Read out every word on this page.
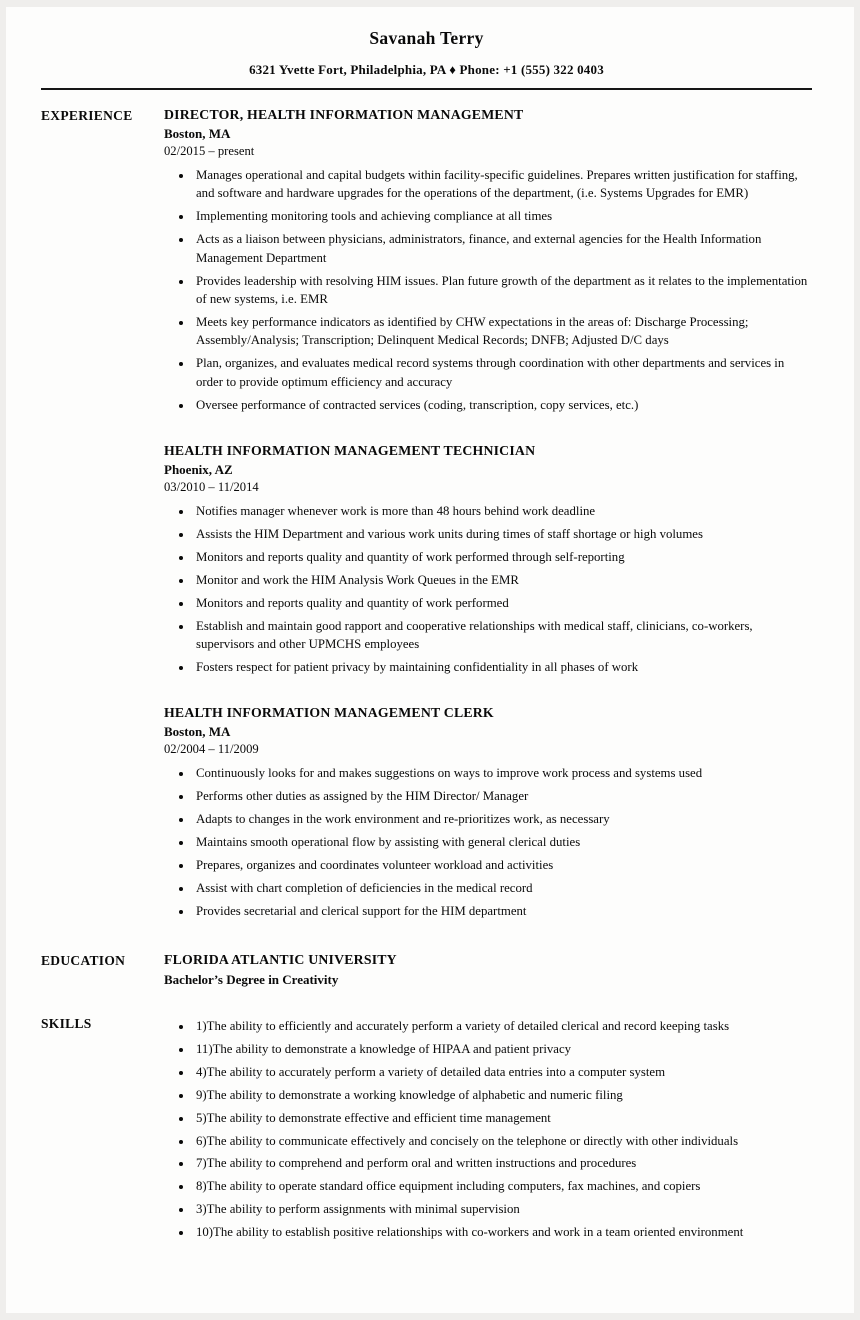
Savanah Terry
6321 Yvette Fort, Philadelphia, PA ♦ Phone: +1 (555) 322 0403
EXPERIENCE	DIRECTOR, HEALTH INFORMATION MANAGEMENT
Boston, MA
02/2015 – present
• Manages operational and capital budgets within facility-specific guidelines. Prepares written justification for staffing, and software and hardware upgrades for the operations of the department, (i.e. Systems Upgrades for EMR)
• Implementing monitoring tools and achieving compliance at all times
• Acts as a liaison between physicians, administrators, finance, and external agencies for the Health Information Management Department
• Provides leadership with resolving HIM issues. Plan future growth of the department as it relates to the implementation of new systems, i.e. EMR
• Meets key performance indicators as identified by CHW expectations in the areas of: Discharge Processing; Assembly/Analysis; Transcription; Delinquent Medical Records; DNFB; Adjusted D/C days
• Plan, organizes, and evaluates medical record systems through coordination with other departments and services in order to provide optimum efficiency and accuracy
• Oversee performance of contracted services (coding, transcription, copy services, etc.)
HEALTH INFORMATION MANAGEMENT TECHNICIAN
Phoenix, AZ
03/2010 – 11/2014
• Notifies manager whenever work is more than 48 hours behind work deadline
• Assists the HIM Department and various work units during times of staff shortage or high volumes
• Monitors and reports quality and quantity of work performed through self-reporting
• Monitor and work the HIM Analysis Work Queues in the EMR
• Monitors and reports quality and quantity of work performed
• Establish and maintain good rapport and cooperative relationships with medical staff, clinicians, co-workers, supervisors and other UPMCHS employees
• Fosters respect for patient privacy by maintaining confidentiality in all phases of work
HEALTH INFORMATION MANAGEMENT CLERK
Boston, MA
02/2004 – 11/2009
• Continuously looks for and makes suggestions on ways to improve work process and systems used
• Performs other duties as assigned by the HIM Director/ Manager
• Adapts to changes in the work environment and re-prioritizes work, as necessary
• Maintains smooth operational flow by assisting with general clerical duties
• Prepares, organizes and coordinates volunteer workload and activities
• Assist with chart completion of deficiencies in the medical record
• Provides secretarial and clerical support for the HIM department
EDUCATION	FLORIDA ATLANTIC UNIVERSITY
Bachelor’s Degree in Creativity
SKILLS	• 1)The ability to efficiently and accurately perform a variety of detailed clerical and record keeping tasks
• 11)The ability to demonstrate a knowledge of HIPAA and patient privacy
• 4)The ability to accurately perform a variety of detailed data entries into a computer system
• 9)The ability to demonstrate a working knowledge of alphabetic and numeric filing
• 5)The ability to demonstrate effective and efficient time management
• 6)The ability to communicate effectively and concisely on the telephone or directly with other individuals
• 7)The ability to comprehend and perform oral and written instructions and procedures
• 8)The ability to operate standard office equipment including computers, fax machines, and copiers
• 3)The ability to perform assignments with minimal supervision
• 10)The ability to establish positive relationships with co-workers and work in a team oriented environment
